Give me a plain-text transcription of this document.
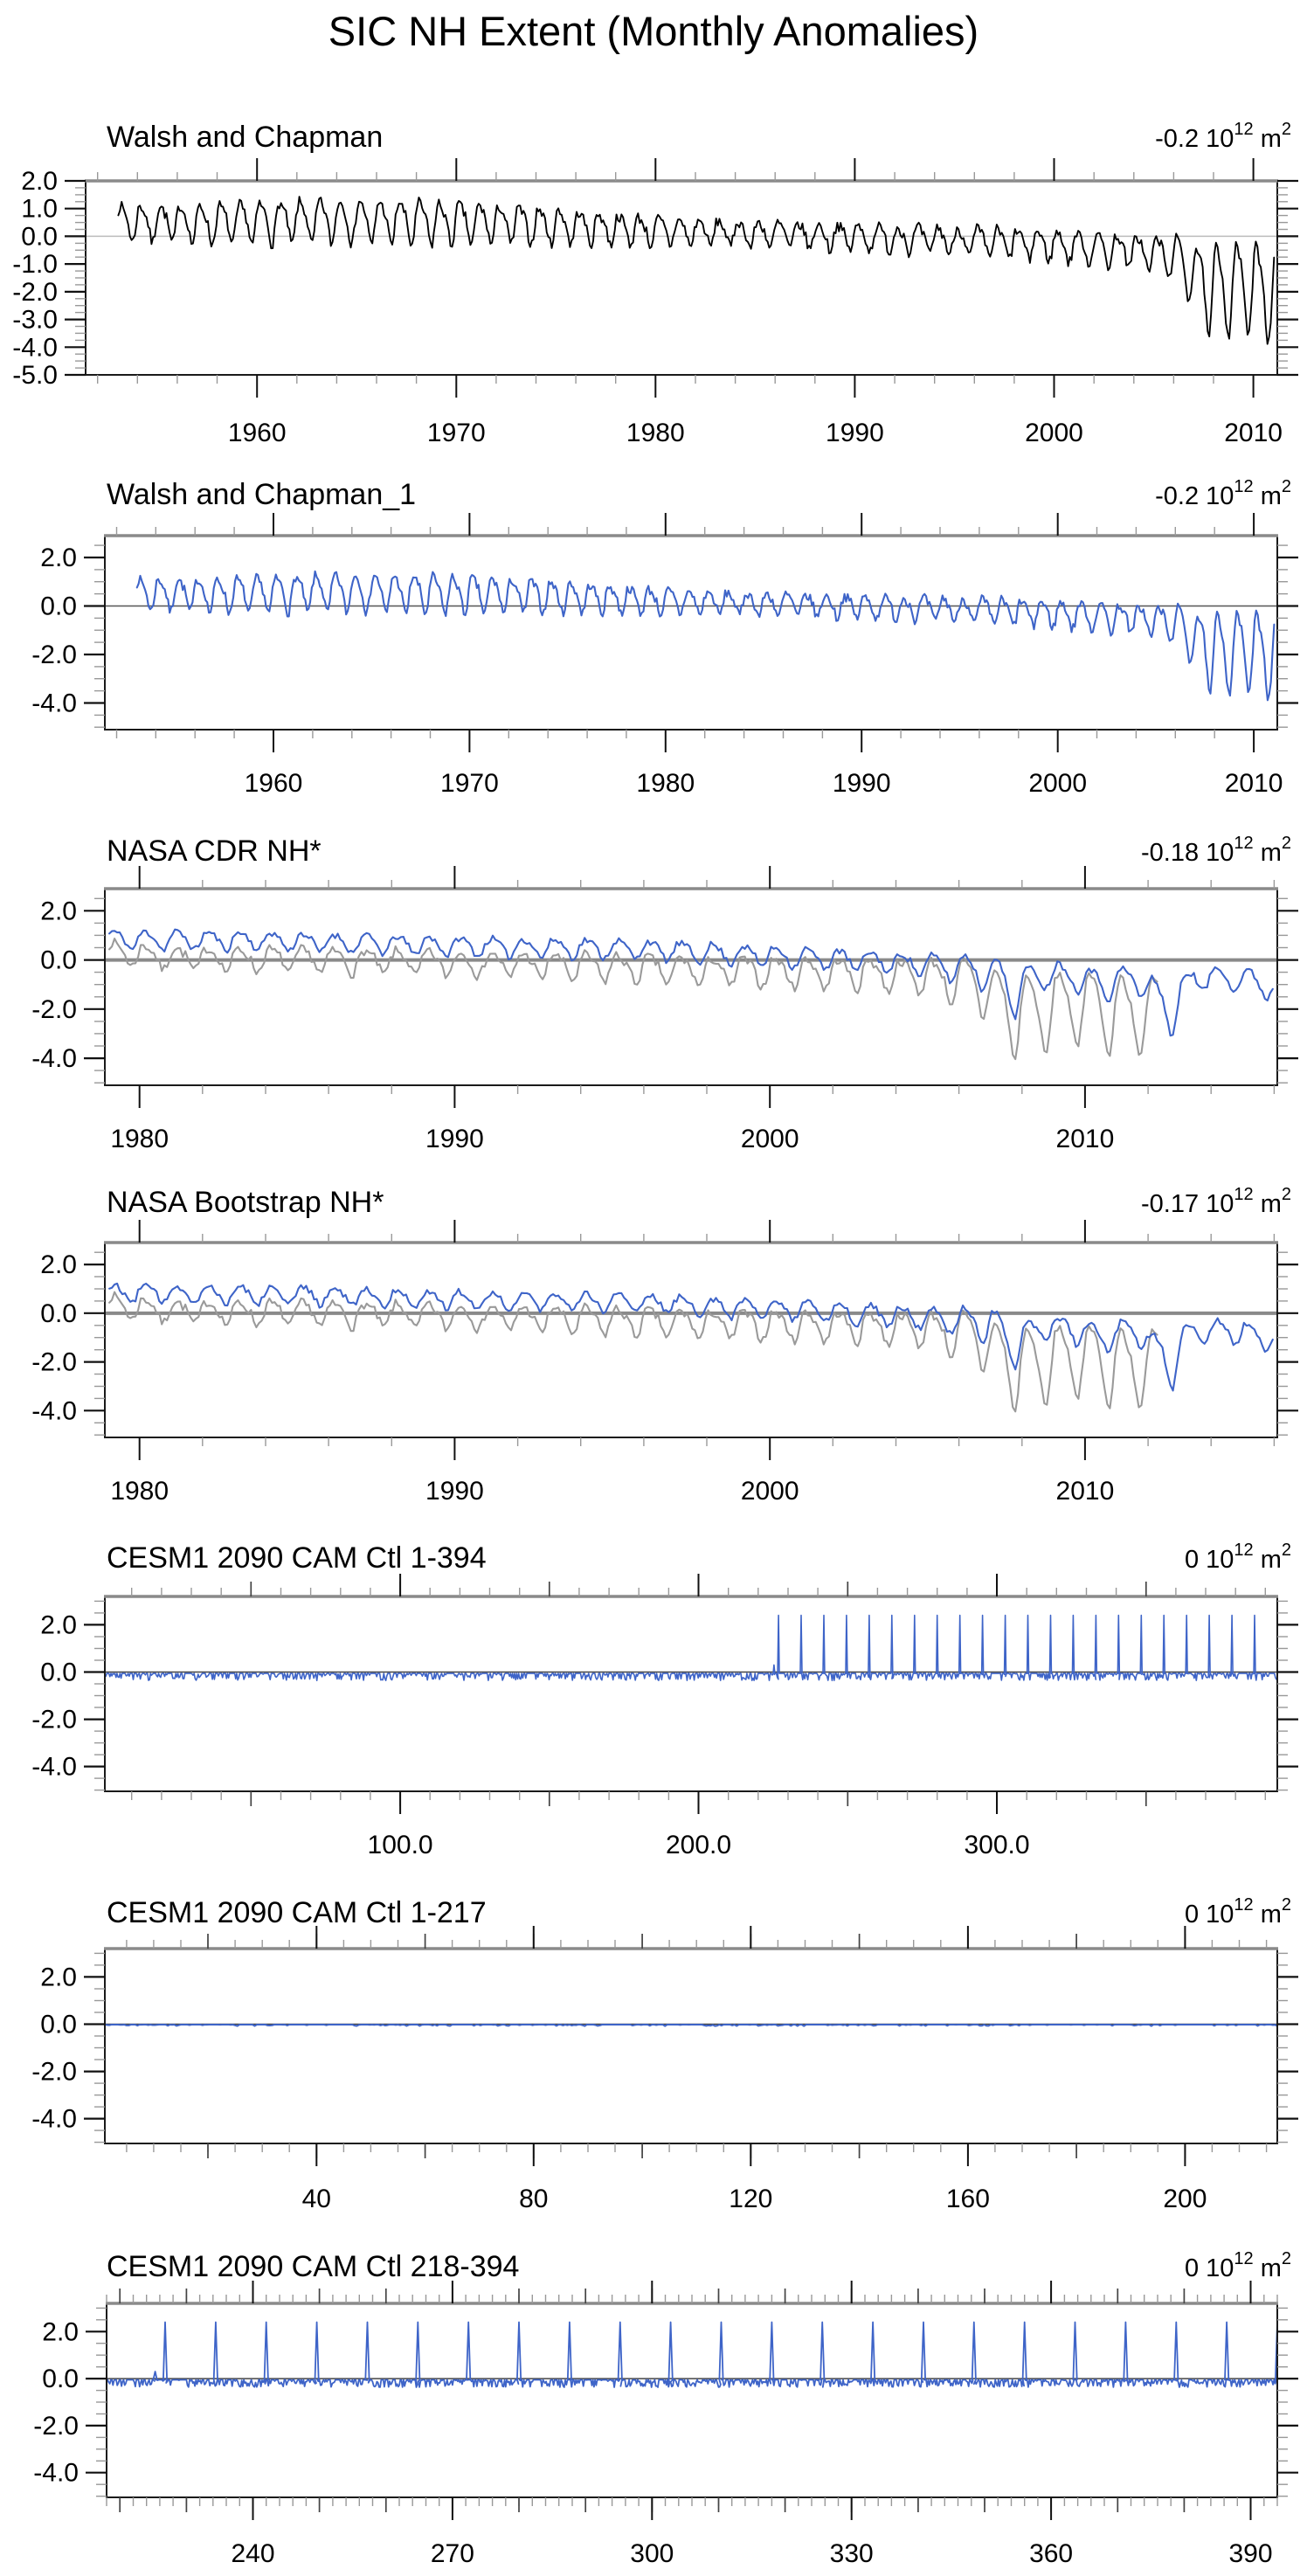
SIC NH Extent (Monthly Anomalies)
2.0
1.0
0.0
-1.0
-2.0
-3.0
-4.0
-5.0
1960	1970	1980	1990	2000	2010
Walsh and Chapman	-0.2 $10^{12}$ $m^2$
2.0
0.0
-2.0
-4.0
1960	1970	1980	1990	2000	2010
Walsh and Chapman_1	-0.2 $10^{12}$ $m^2$
2.0
0.0
-2.0
-4.0
1980	1990	2000	2010
NASA CDR NH*	-0.18 $10^{12}$ $m^2$
2.0
0.0
-2.0
-4.0
1980	1990	2000	2010
NASA Bootstrap NH*	-0.17 $10^{12}$ $m^2$
2.0
0.0
-2.0
-4.0
100.0	200.0	300.0
CESM1 2090 CAM Ctl 1-394	0 $10^{12}$ $m^2$
2.0
0.0
-2.0
-4.0
40	80	120	160	200
CESM1 2090 CAM Ctl 1-217	0 $10^{12}$ $m^2$
2.0
0.0
-2.0
-4.0
240	270	300	330	360	390
CESM1 2090 CAM Ctl 218-394	0 $10^{12}$ $m^2$
